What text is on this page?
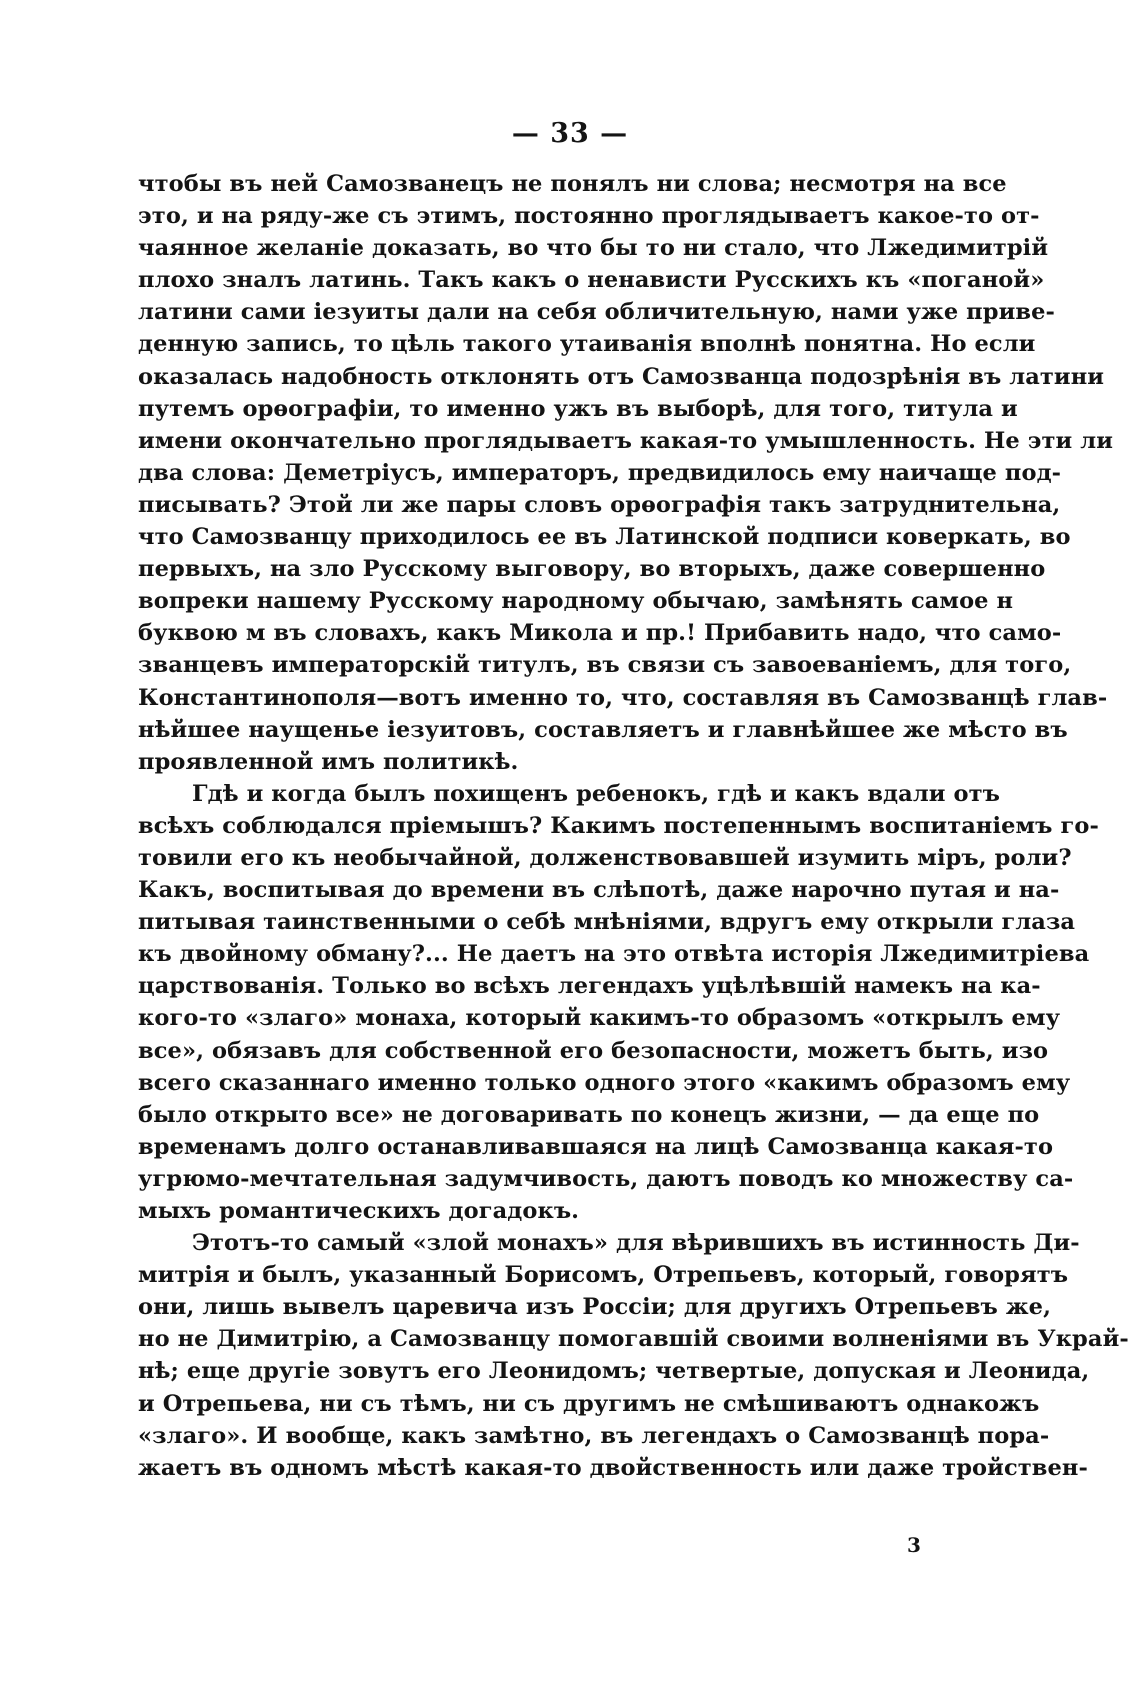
— 33 —
чтобы въ ней Самозванецъ не понялъ ни слова; несмотря на все
это, и на ряду-же съ этимъ, постоянно проглядываетъ какое-то от-
чаянное желаніе доказать, во что бы то ни стало, что Лжедимитрій
плохо зналъ латинь. Такъ какъ о ненависти Русскихъ къ «поганой»
латини сами іезуиты дали на себя обличительную, нами уже приве-
денную запись, то цѣль такого утаиванія вполнѣ понятна. Но если
оказалась надобность отклонять отъ Самозванца подозрѣнія въ латини
путемъ орѳографіи, то именно ужъ въ выборѣ, для того, титула и
имени окончательно проглядываетъ какая-то умышленность. Не эти ли
два слова: Деметріусъ, императоръ, предвидилось ему наичаще под-
писывать? Этой ли же пары словъ орѳографія такъ затруднительна,
что Самозванцу приходилось ее въ Латинской подписи коверкать, во
первыхъ, на зло Русскому выговору, во вторыхъ, даже совершенно
вопреки нашему Русскому народному обычаю, замѣнять самое н
буквою м въ словахъ, какъ Микола и пр.! Прибавить надо, что само-
званцевъ императорскій титулъ, въ связи съ завоеваніемъ, для того,
Константинополя—вотъ именно то, что, составляя въ Самозванцѣ глав-
нѣйшее наущенье іезуитовъ, составляетъ и главнѣйшее же мѣсто въ
проявленной имъ политикѣ.
Гдѣ и когда былъ похищенъ ребенокъ, гдѣ и какъ вдали отъ
всѣхъ соблюдался пріемышъ? Какимъ постепеннымъ воспитаніемъ го-
товили его къ необычайной, долженствовавшей изумить міръ, роли?
Какъ, воспитывая до времени въ слѣпотѣ, даже нарочно путая и на-
питывая таинственными о себѣ мнѣніями, вдругъ ему открыли глаза
къ двойному обману?... Не даетъ на это отвѣта исторія Лжедимитріева
царствованія. Только во всѣхъ легендахъ уцѣлѣвшій намекъ на ка-
кого-то «злаго» монаха, который какимъ-то образомъ «открылъ ему
все», обязавъ для собственной его безопасности, можетъ быть, изо
всего сказаннаго именно только одного этого «какимъ образомъ ему
было открыто все» не договаривать по конецъ жизни, — да еще по
временамъ долго останавливавшаяся на лицѣ Самозванца какая-то
угрюмо-мечтательная задумчивость, даютъ поводъ ко множеству са-
мыхъ романтическихъ догадокъ.
Этотъ-то самый «злой монахъ» для вѣрившихъ въ истинность Ди-
митрія и былъ, указанный Борисомъ, Отрепьевъ, который, говорятъ
они, лишь вывелъ царевича изъ Россіи; для другихъ Отрепьевъ же,
но не Димитрію, а Самозванцу помогавшій своими волненіями въ Украй-
нѣ; еще другіе зовутъ его Леонидомъ; четвертые, допуская и Леонида,
и Отрепьева, ни съ тѣмъ, ни съ другимъ не смѣшиваютъ однакожъ
«злаго». И вообще, какъ замѣтно, въ легендахъ о Самозванцѣ пора-
жаетъ въ одномъ мѣстѣ какая-то двойственность или даже тройствен-
3
